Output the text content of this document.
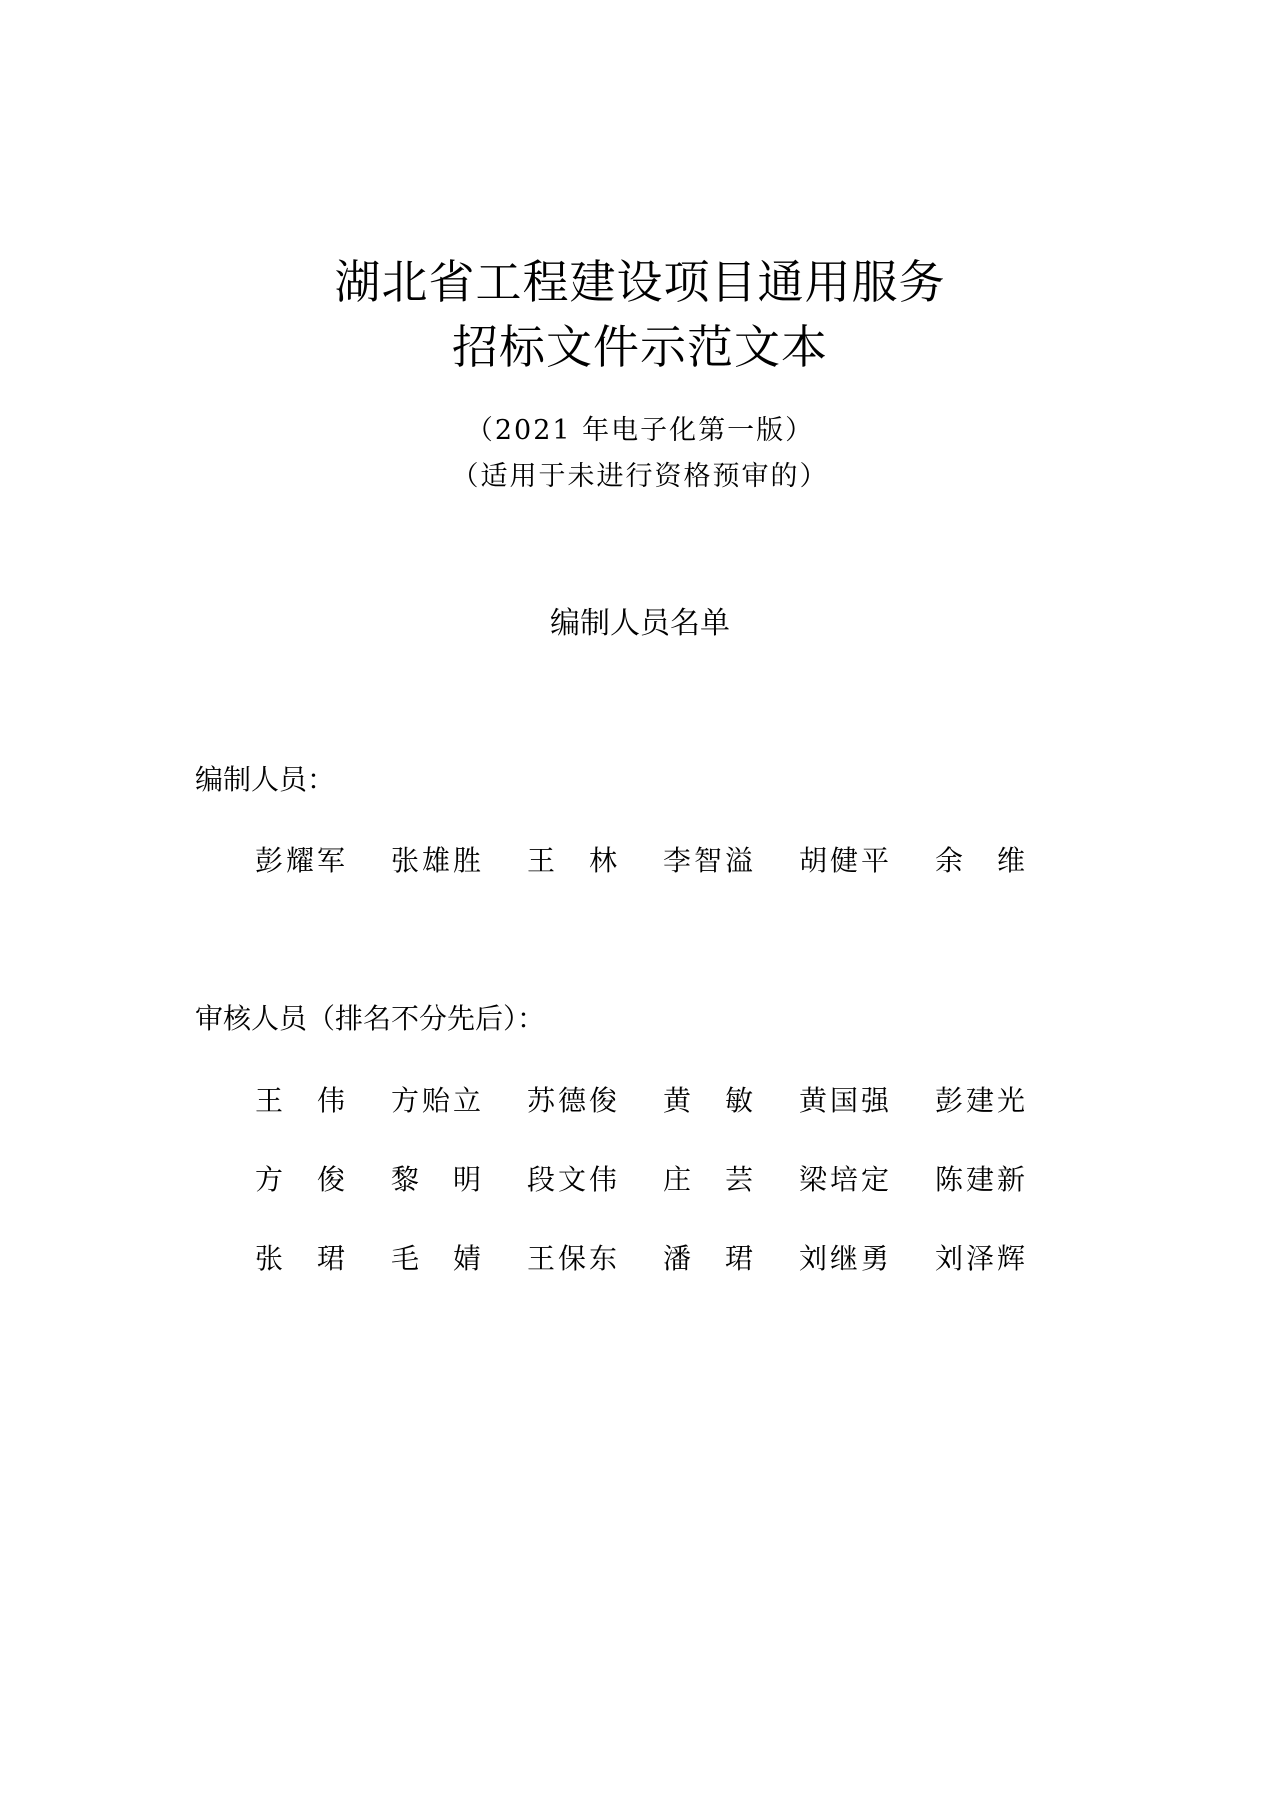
湖北省工程建设项目通用服务
招标文件示范文本
（2021 年电子化第一版）
（适用于未进行资格预审的）
编制人员名单
编制人员：
彭耀军 张雄胜 王 林 李智溢 胡健平 余 维
审核人员（排名不分先后）：
王 伟 方贻立 苏德俊 黄 敏 黄国强 彭建光
方 俊 黎 明 段文伟 庄 芸 梁培定 陈建新
张 珺 毛 婧 王保东 潘 珺 刘继勇 刘泽辉
